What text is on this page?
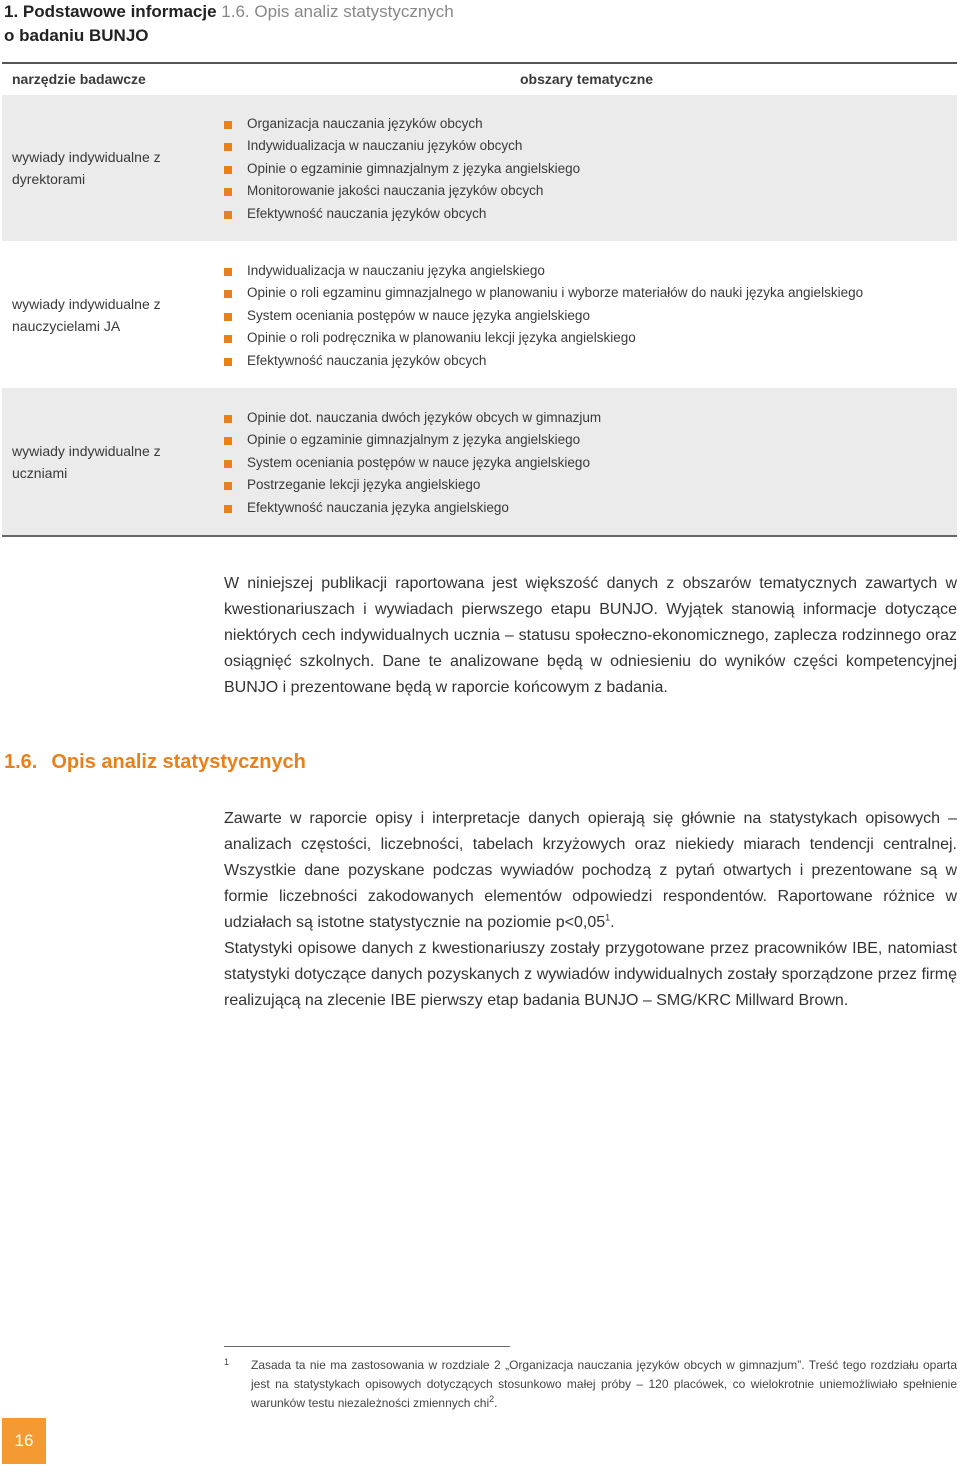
1. Podstawowe informacje 1.6. Opis analiz statystycznych
o badaniu BUNJO
narzędzie badawcze	obszary tematyczne
wywiady indywidualne z dyrektorami
Organizacja nauczania języków obcych
Indywidualizacja w nauczaniu języków obcych
Opinie o egzaminie gimnazjalnym z języka angielskiego
Monitorowanie jakości nauczania języków obcych
Efektywność nauczania języków obcych
wywiady indywidualne z nauczycielami JA
Indywidualizacja w nauczaniu języka angielskiego
Opinie o roli egzaminu gimnazjalnego w planowaniu i wyborze materiałów do nauki języka angielskiego
System oceniania postępów w nauce języka angielskiego
Opinie o roli podręcznika w planowaniu lekcji języka angielskiego
Efektywność nauczania języków obcych
wywiady indywidualne z uczniami
Opinie dot. nauczania dwóch języków obcych w gimnazjum
Opinie o egzaminie gimnazjalnym z języka angielskiego
System oceniania postępów w nauce języka angielskiego
Postrzeganie lekcji języka angielskiego
Efektywność nauczania języka angielskiego

W niniejszej publikacji raportowana jest większość danych z obszarów tematycznych zawartych w kwestionariuszach i wywiadach pierwszego etapu BUNJO. Wyjątek stanowią informacje dotyczące niektórych cech indywidualnych ucznia – statusu społeczno-ekonomicznego, zaplecza rodzinnego oraz osiągnięć szkolnych. Dane te analizowane będą w odniesieniu do wyników części kompetencyjnej BUNJO i prezentowane będą w raporcie końcowym z badania.

1.6. Opis analiz statystycznych

Zawarte w raporcie opisy i interpretacje danych opierają się głównie na statystykach opisowych – analizach częstości, liczebności, tabelach krzyżowych oraz niekiedy miarach tendencji centralnej. Wszystkie dane pozyskane podczas wywiadów pochodzą z pytań otwartych i prezentowane są w formie liczebności zakodowanych elementów odpowiedzi respondentów. Raportowane różnice w udziałach są istotne statystycznie na poziomie $p<0,05^1$.

Statystyki opisowe danych z kwestionariuszy zostały przygotowane przez pracowników IBE, natomiast statystyki dotyczące danych pozyskanych z wywiadów indywidualnych zostały sporządzone przez firmę realizującą na zlecenie IBE pierwszy etap badania BUNJO – SMG/KRC Millward Brown.

1 Zasada ta nie ma zastosowania w rozdziale 2 „Organizacja nauczania języków obcych w gimnazjum”. Treść tego rozdziału oparta jest na statystykach opisowych dotyczących stosunkowo małej próby – 120 placówek, co wielokrotnie uniemożliwiało spełnienie warunków testu niezależności zmiennych chi$^2$.

16
